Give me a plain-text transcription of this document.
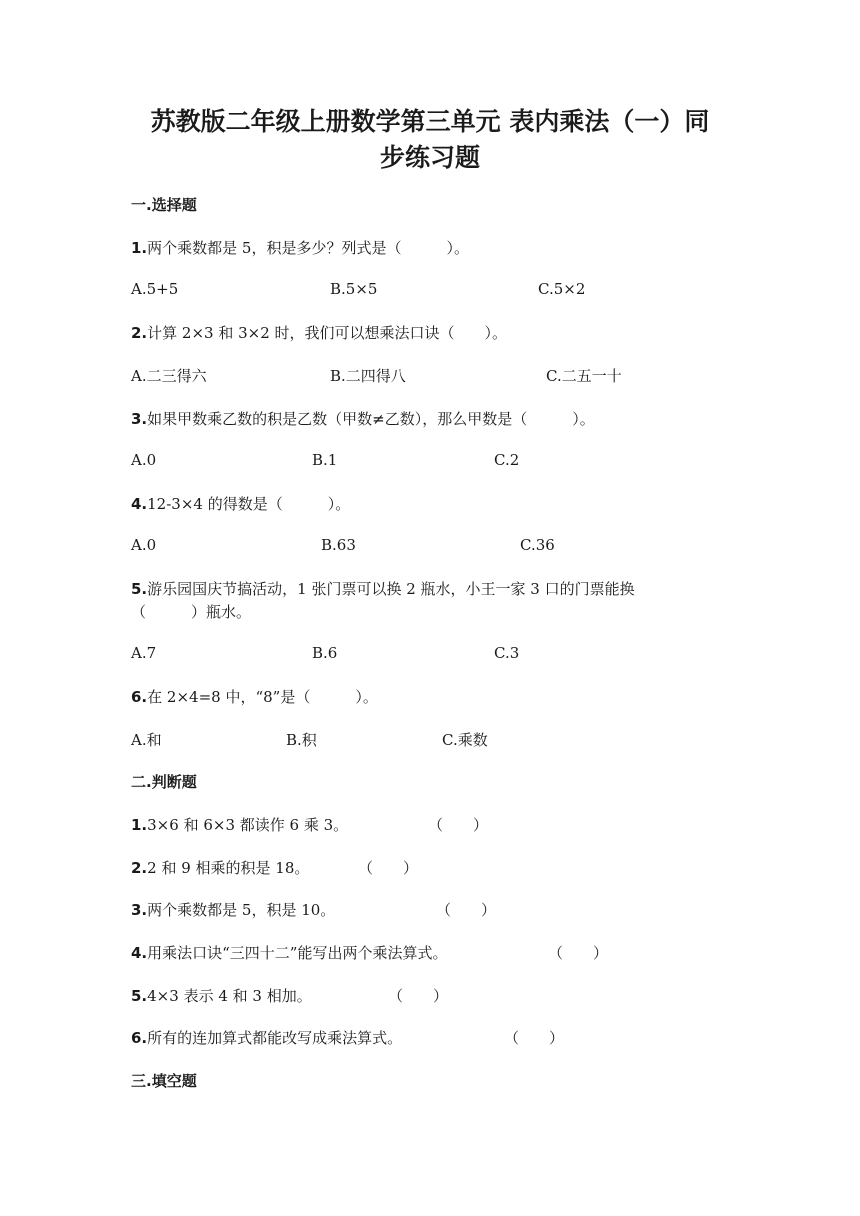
苏教版二年级上册数学第三单元 表内乘法（一）同
步练习题
一.选择题
1.两个乘数都是 5，积是多少？列式是（　　　）。
A.5+5	B.5×5	C.5×2
2.计算 2×3 和 3×2 时，我们可以想乘法口诀（　　）。
A.二三得六	B.二四得八	C.二五一十
3.如果甲数乘乙数的积是乙数（甲数≠乙数），那么甲数是（　　　）。
A.0	B.1	C.2
4.12-3×4 的得数是（　　　）。
A.0	B.63	C.36
5.游乐园国庆节搞活动，1 张门票可以换 2 瓶水，小王一家 3 口的门票能换
（　　　）瓶水。
A.7	B.6	C.3
6.在 2×4=8 中，“8”是（　　　）。
A.和	B.积	C.乘数
二.判断题
1.3×6 和 6×3 都读作 6 乘 3。	（　　）
2.2 和 9 相乘的积是 18。	（　　）
3.两个乘数都是 5，积是 10。	（　　）
4.用乘法口诀“三四十二”能写出两个乘法算式。	（　　）
5.4×3 表示 4 和 3 相加。	（　　）
6.所有的连加算式都能改写成乘法算式。	（　　）
三.填空题
